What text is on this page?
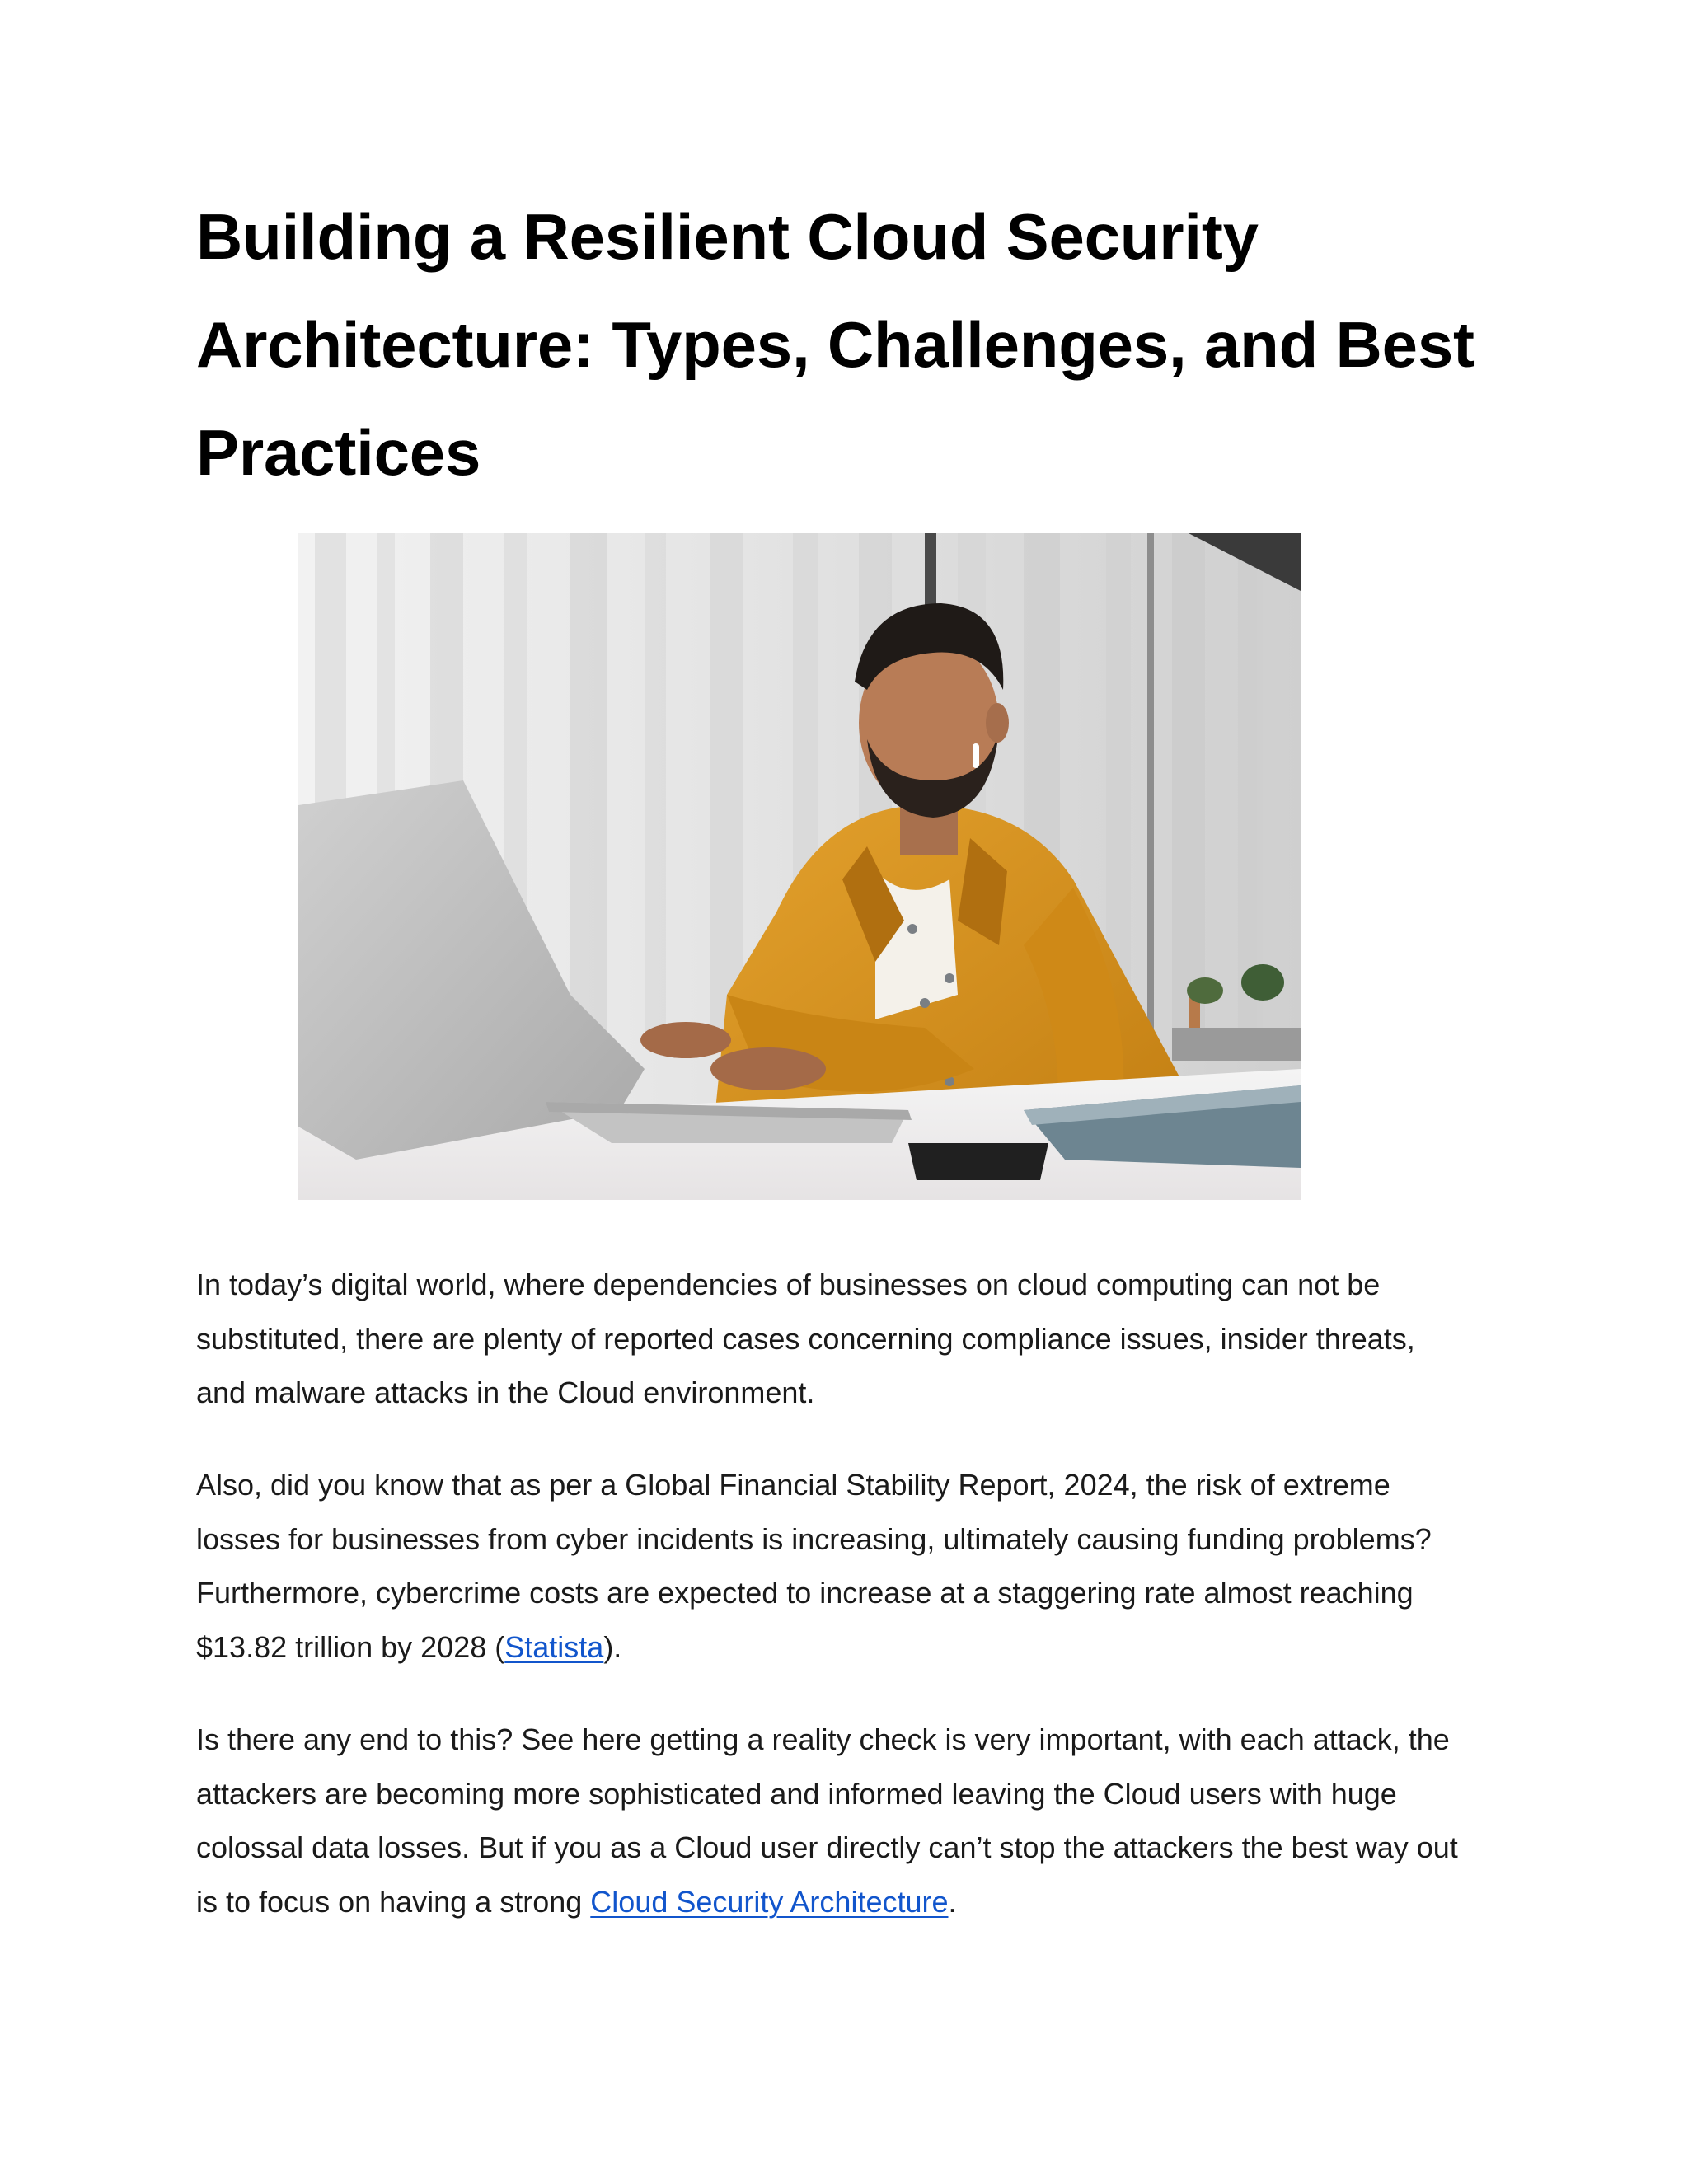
Building a Resilient Cloud Security
Architecture: Types, Challenges, and Best
Practices

In today’s digital world, where dependencies of businesses on cloud computing can not be
substituted, there are plenty of reported cases concerning compliance issues, insider threats,
and malware attacks in the Cloud environment.

Also, did you know that as per a Global Financial Stability Report, 2024, the risk of extreme
losses for businesses from cyber incidents is increasing, ultimately causing funding problems?
Furthermore, cybercrime costs are expected to increase at a staggering rate almost reaching
$13.82 trillion by 2028 (Statista).

Is there any end to this? See here getting a reality check is very important, with each attack, the
attackers are becoming more sophisticated and informed leaving the Cloud users with huge
colossal data losses. But if you as a Cloud user directly can’t stop the attackers the best way out
is to focus on having a strong Cloud Security Architecture.
